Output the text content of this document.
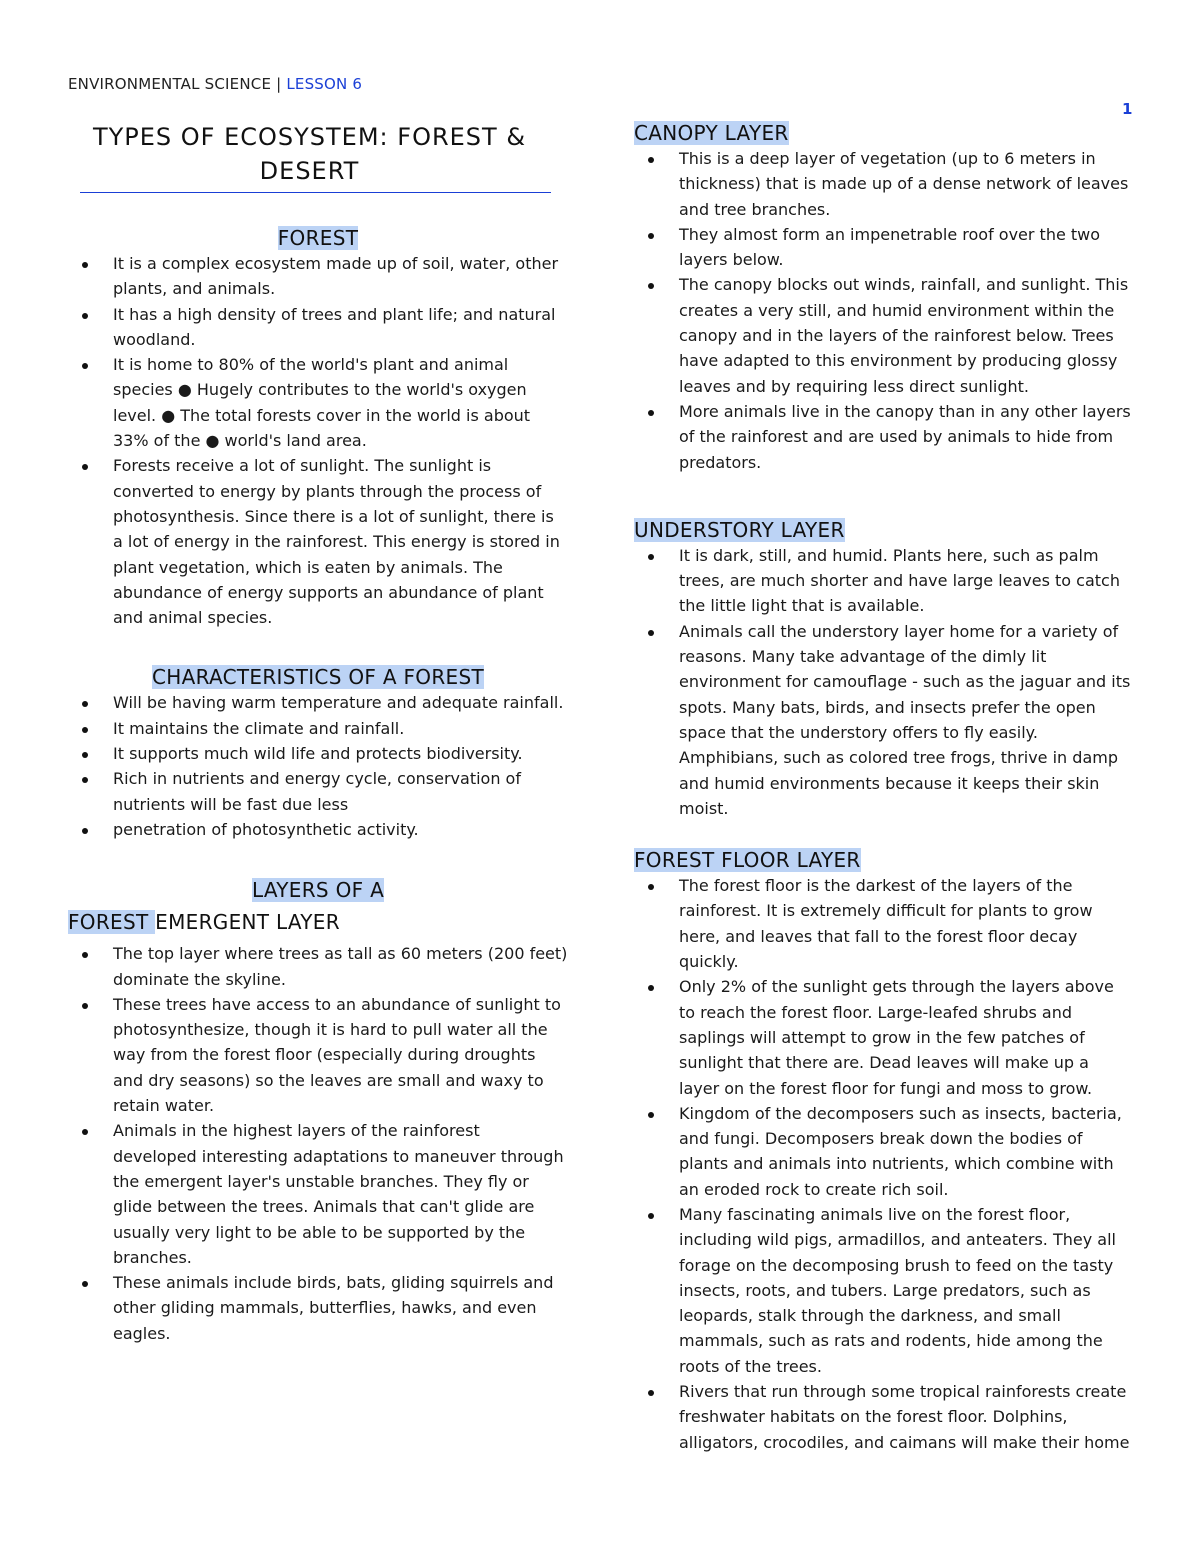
ENVIRONMENTAL SCIENCE | LESSON 6
1
TYPES OF ECOSYSTEM: FOREST & DESERT
FOREST
It is a complex ecosystem made up of soil, water, other plants, and animals.
It has a high density of trees and plant life; and natural woodland.
It is home to 80% of the world's plant and animal species ● Hugely contributes to the world's oxygen level. ● The total forests cover in the world is about 33% of the ● world's land area.
Forests receive a lot of sunlight. The sunlight is converted to energy by plants through the process of photosynthesis. Since there is a lot of sunlight, there is a lot of energy in the rainforest. This energy is stored in plant vegetation, which is eaten by animals. The abundance of energy supports an abundance of plant and animal species.
CHARACTERISTICS OF A FOREST
Will be having warm temperature and adequate rainfall.
It maintains the climate and rainfall.
It supports much wild life and protects biodiversity.
Rich in nutrients and energy cycle, conservation of nutrients will be fast due less
penetration of photosynthetic activity.
LAYERS OF A
FOREST EMERGENT LAYER
The top layer where trees as tall as 60 meters (200 feet) dominate the skyline.
These trees have access to an abundance of sunlight to photosynthesize, though it is hard to pull water all the way from the forest floor (especially during droughts and dry seasons) so the leaves are small and waxy to retain water.
Animals in the highest layers of the rainforest developed interesting adaptations to maneuver through the emergent layer's unstable branches. They fly or glide between the trees. Animals that can't glide are usually very light to be able to be supported by the branches.
These animals include birds, bats, gliding squirrels and other gliding mammals, butterflies, hawks, and even eagles.
CANOPY LAYER
This is a deep layer of vegetation (up to 6 meters in thickness) that is made up of a dense network of leaves and tree branches.
They almost form an impenetrable roof over the two layers below.
The canopy blocks out winds, rainfall, and sunlight. This creates a very still, and humid environment within the canopy and in the layers of the rainforest below. Trees have adapted to this environment by producing glossy leaves and by requiring less direct sunlight.
More animals live in the canopy than in any other layers of the rainforest and are used by animals to hide from predators.
UNDERSTORY LAYER
It is dark, still, and humid. Plants here, such as palm trees, are much shorter and have large leaves to catch the little light that is available.
Animals call the understory layer home for a variety of reasons. Many take advantage of the dimly lit environment for camouflage - such as the jaguar and its spots. Many bats, birds, and insects prefer the open space that the understory offers to fly easily. Amphibians, such as colored tree frogs, thrive in damp and humid environments because it keeps their skin moist.
FOREST FLOOR LAYER
The forest floor is the darkest of the layers of the rainforest. It is extremely difficult for plants to grow here, and leaves that fall to the forest floor decay quickly.
Only 2% of the sunlight gets through the layers above to reach the forest floor. Large-leafed shrubs and saplings will attempt to grow in the few patches of sunlight that there are. Dead leaves will make up a layer on the forest floor for fungi and moss to grow.
Kingdom of the decomposers such as insects, bacteria, and fungi. Decomposers break down the bodies of plants and animals into nutrients, which combine with an eroded rock to create rich soil.
Many fascinating animals live on the forest floor, including wild pigs, armadillos, and anteaters. They all forage on the decomposing brush to feed on the tasty insects, roots, and tubers. Large predators, such as leopards, stalk through the darkness, and small mammals, such as rats and rodents, hide among the roots of the trees.
Rivers that run through some tropical rainforests create freshwater habitats on the forest floor. Dolphins, alligators, crocodiles, and caimans will make their home
